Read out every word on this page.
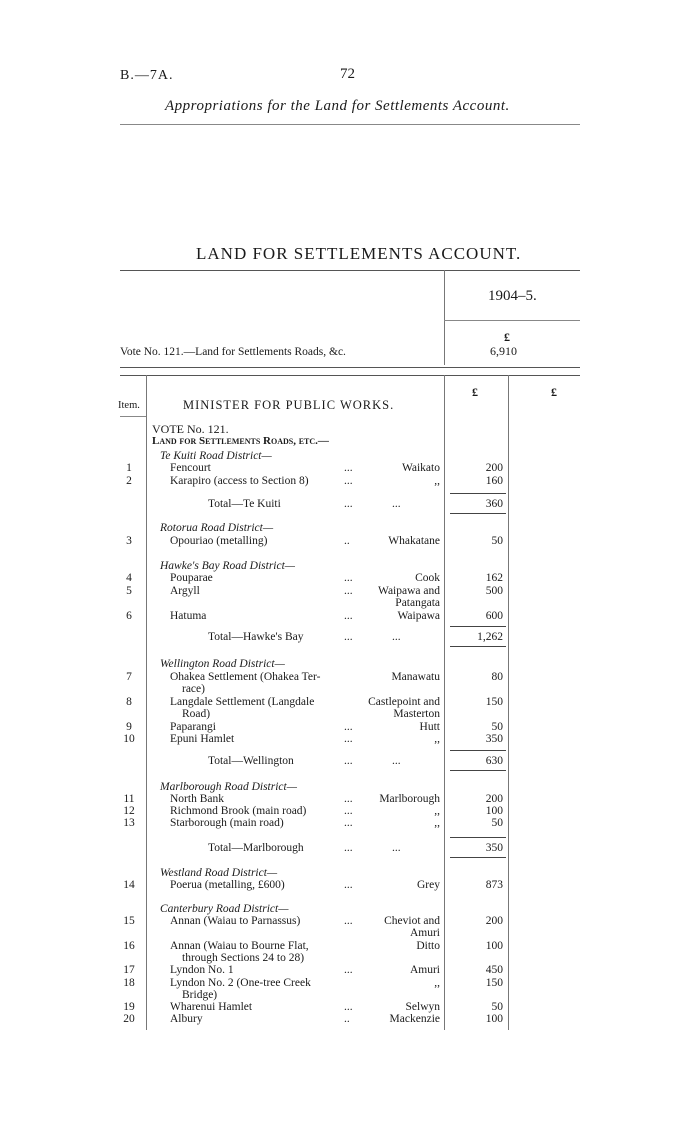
B.—7A.	72
Appropriations for the Land for Settlements Account.
LAND FOR SETTLEMENTS ACCOUNT.
1904–5.
£
Vote No. 121.—Land for Settlements Roads, &c.	6,910
Item.	MINISTER FOR PUBLIC WORKS.
£	£
VOTE No. 121.
Land for Settlements Roads, etc.—
Te Kuiti Road District—
1	Fencourt	...	Waikato	200
2	Karapiro (access to Section 8)	...	,,	160
Total—Te Kuiti	...	...	360
Rotorua Road District—
3	Opouriao (metalling)	..	Whakatane	50
Hawke's Bay Road District—
4	Pouparae	...	Cook	162
5	Argyll	...	Waipawa and	500
Patangata
6	Hatuma	...	Waipawa	600
Total—Hawke's Bay	...	...	1,262
Wellington Road District—
7	Ohakea Settlement (Ohakea Ter-	Manawatu	80
race)
8	Langdale Settlement (Langdale	Castlepoint and	150
Road)	Masterton
9	Paparangi	...	Hutt	50
10	Epuni Hamlet	...	,,	350
Total—Wellington	...	...	630
Marlborough Road District—
11	North Bank	...	Marlborough	200
12	Richmond Brook (main road)	...	,,	100
13	Starborough (main road)	...	,,	50
Total—Marlborough	...	...	350
Westland Road District—
14	Poerua (metalling, £600)	...	Grey	873
Canterbury Road District—
15	Annan (Waiau to Parnassus)	...	Cheviot and	200
Amuri
16	Annan (Waiau to Bourne Flat,	Ditto	100
through Sections 24 to 28)
17	Lyndon No. 1	...	Amuri	450
18	Lyndon No. 2 (One-tree Creek	,,	150
Bridge)
19	Wharenui Hamlet	...	Selwyn	50
20	Albury	..	Mackenzie	100
